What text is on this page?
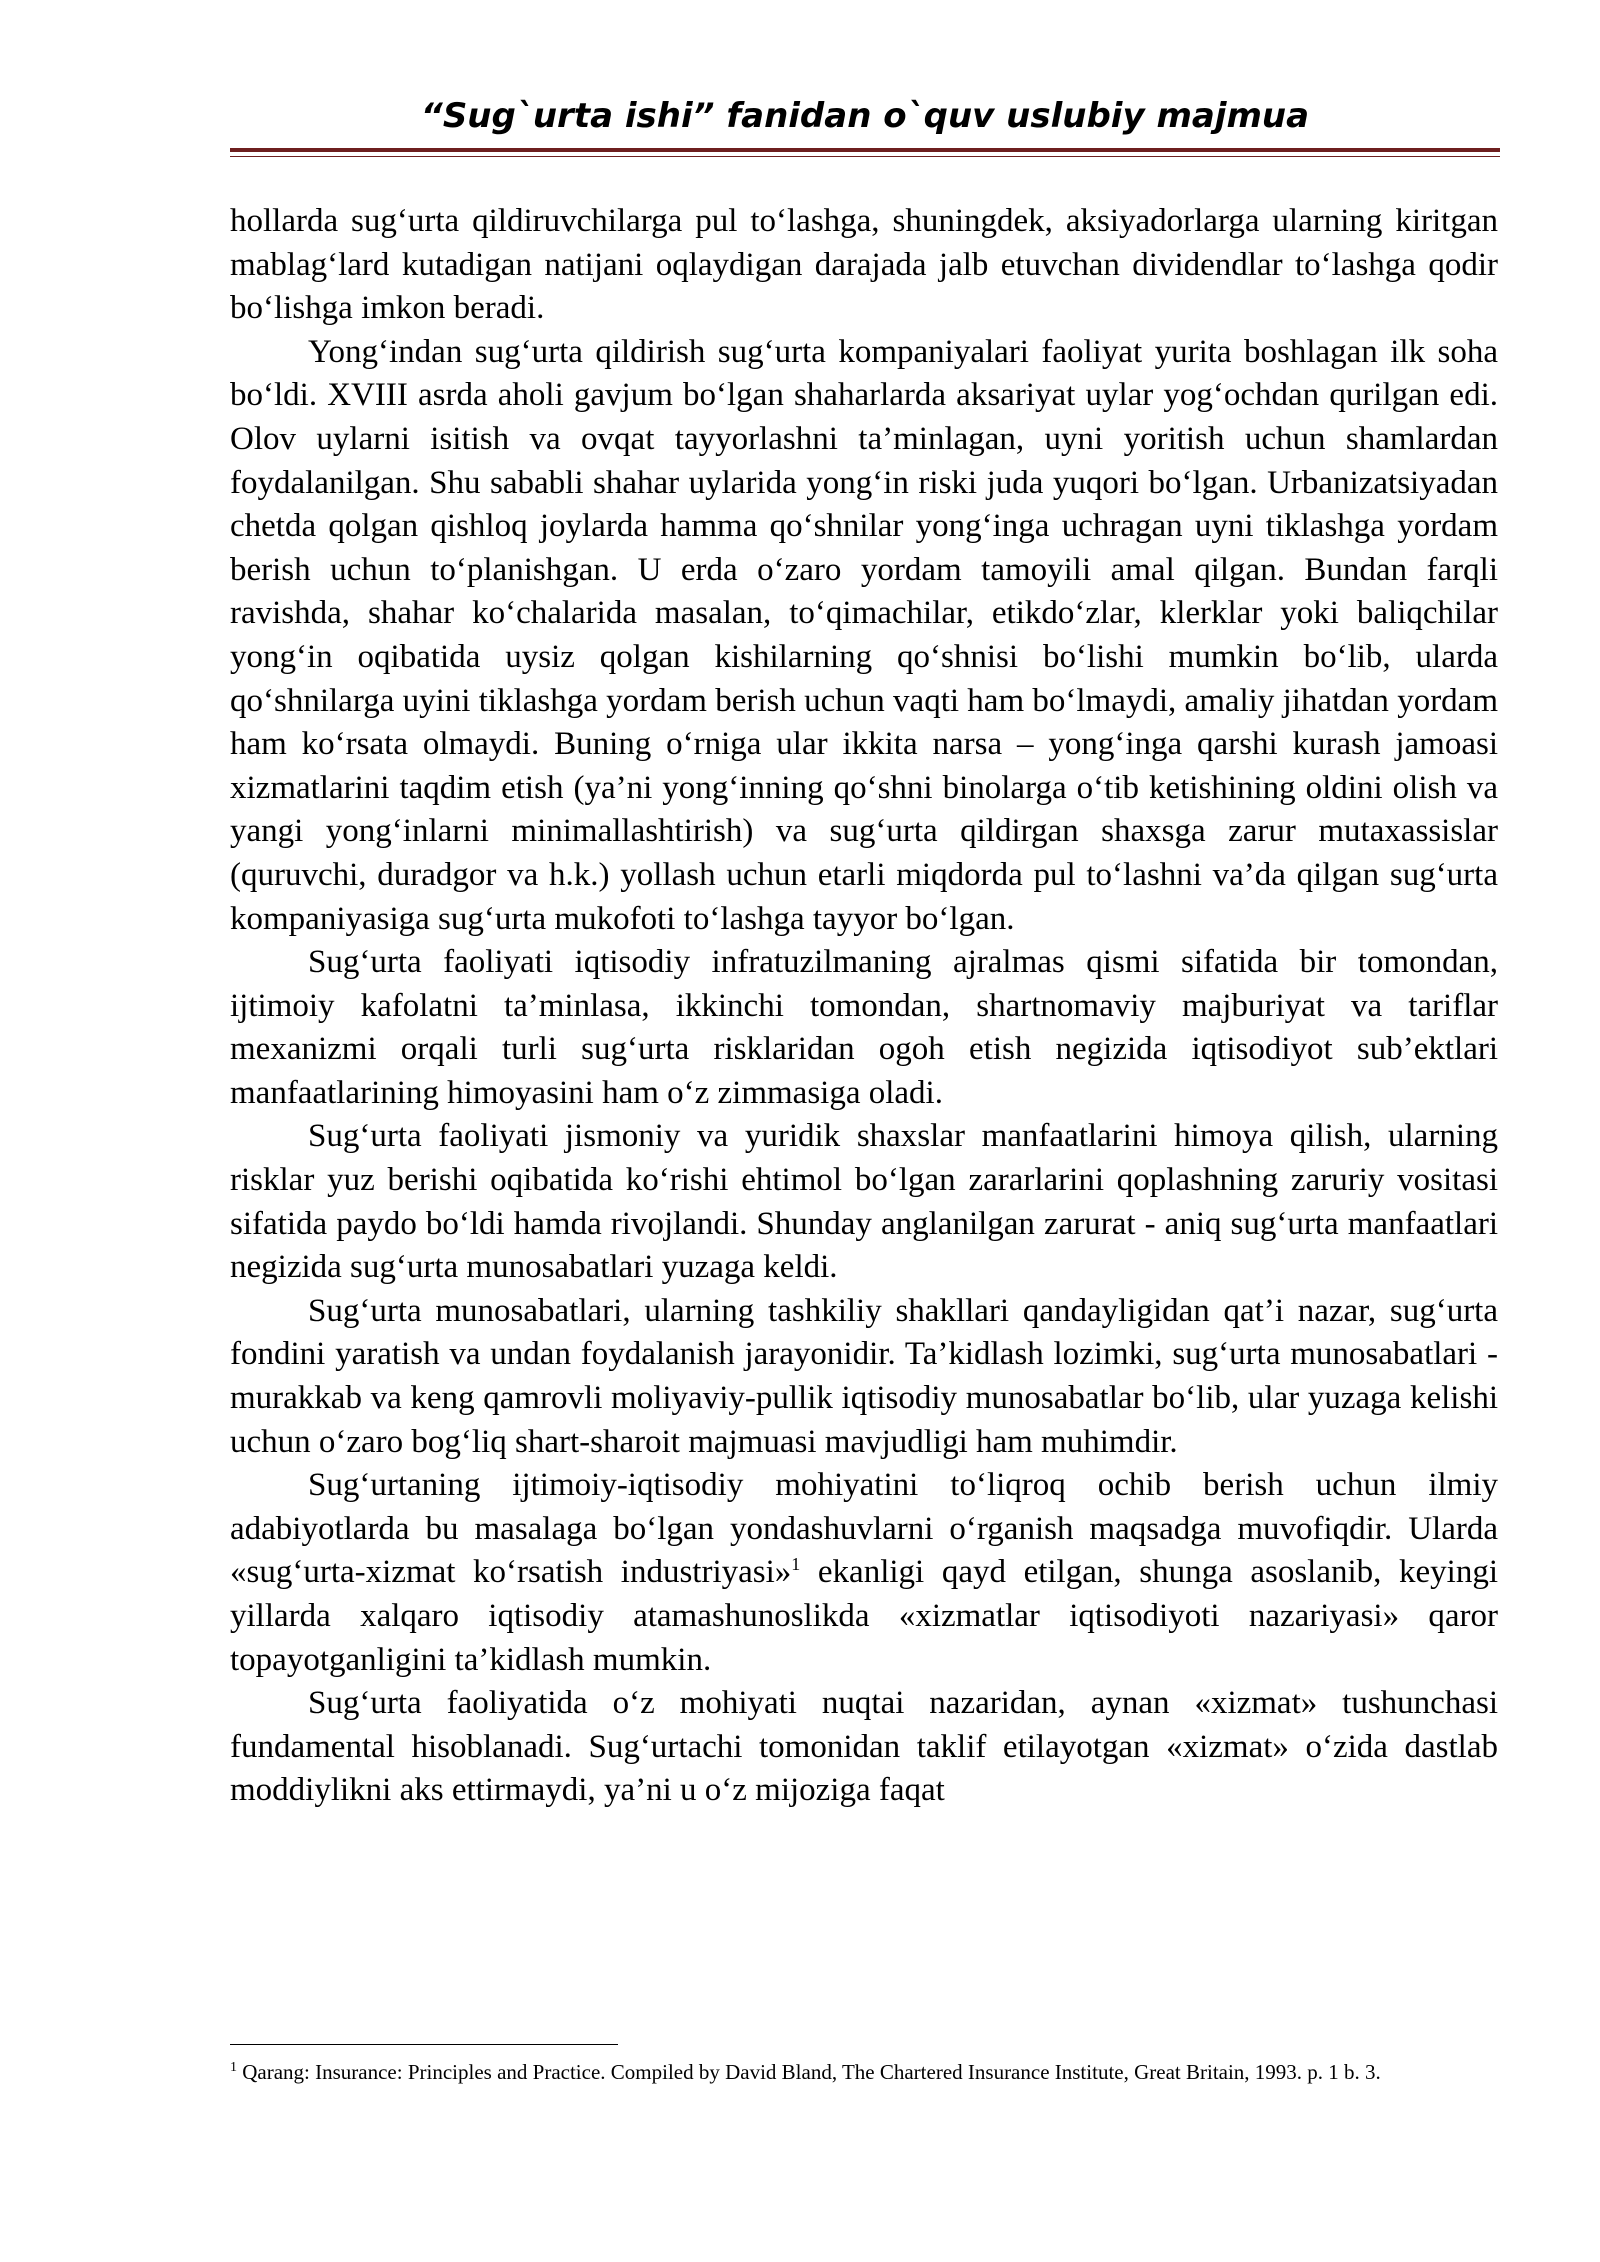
“Sug`urta ishi” fanidan o`quv uslubiy majmua

hollarda sug‘urta qildiruvchilarga pul to‘lashga, shuningdek, aksiyadorlarga ularning kiritgan mablag‘lard kutadigan natijani oqlaydigan darajada jalb etuvchan dividendlar to‘lashga qodir bo‘lishga imkon beradi.

Yong‘indan sug‘urta qildirish sug‘urta kompaniyalari faoliyat yurita boshlagan ilk soha bo‘ldi. XVIII asrda aholi gavjum bo‘lgan shaharlarda aksariyat uylar yog‘ochdan qurilgan edi. Olov uylarni isitish va ovqat tayyorlashni ta’minlagan, uyni yoritish uchun shamlardan foydalanilgan. Shu sababli shahar uylarida yong‘in riski juda yuqori bo‘lgan. Urbanizatsiyadan chetda qolgan qishloq joylarda hamma qo‘shnilar yong‘inga uchragan uyni tiklashga yordam berish uchun to‘planishgan. U erda o‘zaro yordam tamoyili amal qilgan. Bundan farqli ravishda, shahar ko‘chalarida masalan, to‘qimachilar, etikdo‘zlar, klerklar yoki baliqchilar yong‘in oqibatida uysiz qolgan kishilarning qo‘shnisi bo‘lishi mumkin bo‘lib, ularda qo‘shnilarga uyini tiklashga yordam berish uchun vaqti ham bo‘lmaydi, amaliy jihatdan yordam ham ko‘rsata olmaydi. Buning o‘rniga ular ikkita narsa – yong‘inga qarshi kurash jamoasi xizmatlarini taqdim etish (ya’ni yong‘inning qo‘shni binolarga o‘tib ketishining oldini olish va yangi yong‘inlarni minimallashtirish) va sug‘urta qildirgan shaxsga zarur mutaxassislar (quruvchi, duradgor va h.k.) yollash uchun etarli miqdorda pul to‘lashni va’da qilgan sug‘urta kompaniyasiga sug‘urta mukofoti to‘lashga tayyor bo‘lgan.

Sug‘urta faoliyati iqtisodiy infratuzilmaning ajralmas qismi sifatida bir tomondan, ijtimoiy kafolatni ta’minlasa, ikkinchi tomondan, shartnomaviy majburiyat va tariflar mexanizmi orqali turli sug‘urta risklaridan ogoh etish negizida iqtisodiyot sub’ektlari manfaatlarining himoyasini ham o‘z zimmasiga oladi.

Sug‘urta faoliyati jismoniy va yuridik shaxslar manfaatlarini himoya qilish, ularning risklar yuz berishi oqibatida ko‘rishi ehtimol bo‘lgan zararlarini qoplashning zaruriy vositasi sifatida paydo bo‘ldi hamda rivojlandi. Shunday anglanilgan zarurat - aniq sug‘urta manfaatlari negizida sug‘urta munosabatlari yuzaga keldi.

Sug‘urta munosabatlari, ularning tashkiliy shakllari qandayligidan qat’i nazar, sug‘urta fondini yaratish va undan foydalanish jarayonidir. Ta’kidlash lozimki, sug‘urta munosabatlari - murakkab va keng qamrovli moliyaviy-pullik iqtisodiy munosabatlar bo‘lib, ular yuzaga kelishi uchun o‘zaro bog‘liq shart-sharoit majmuasi mavjudligi ham muhimdir.

Sug‘urtaning ijtimoiy-iqtisodiy mohiyatini to‘liqroq ochib berish uchun ilmiy adabiyotlarda bu masalaga bo‘lgan yondashuvlarni o‘rganish maqsadga muvofiqdir. Ularda «sug‘urta-xizmat ko‘rsatish industriyasi»$^1$ ekanligi qayd etilgan, shunga asoslanib, keyingi yillarda xalqaro iqtisodiy atamashunoslikda «xizmatlar iqtisodiyoti nazariyasi» qaror topayotganligini ta’kidlash mumkin.

Sug‘urta faoliyatida o‘z mohiyati nuqtai nazaridan, aynan «xizmat» tushunchasi fundamental hisoblanadi. Sug‘urtachi tomonidan taklif etilayotgan «xizmat» o‘zida dastlab moddiylikni aks ettirmaydi, ya’ni u o‘z mijoziga faqat

$^1$ Qarang: Insurance: Principles and Practice. Compiled by David Bland, The Chartered Insurance Institute, Great Britain, 1993. p. 1 b. 3.
